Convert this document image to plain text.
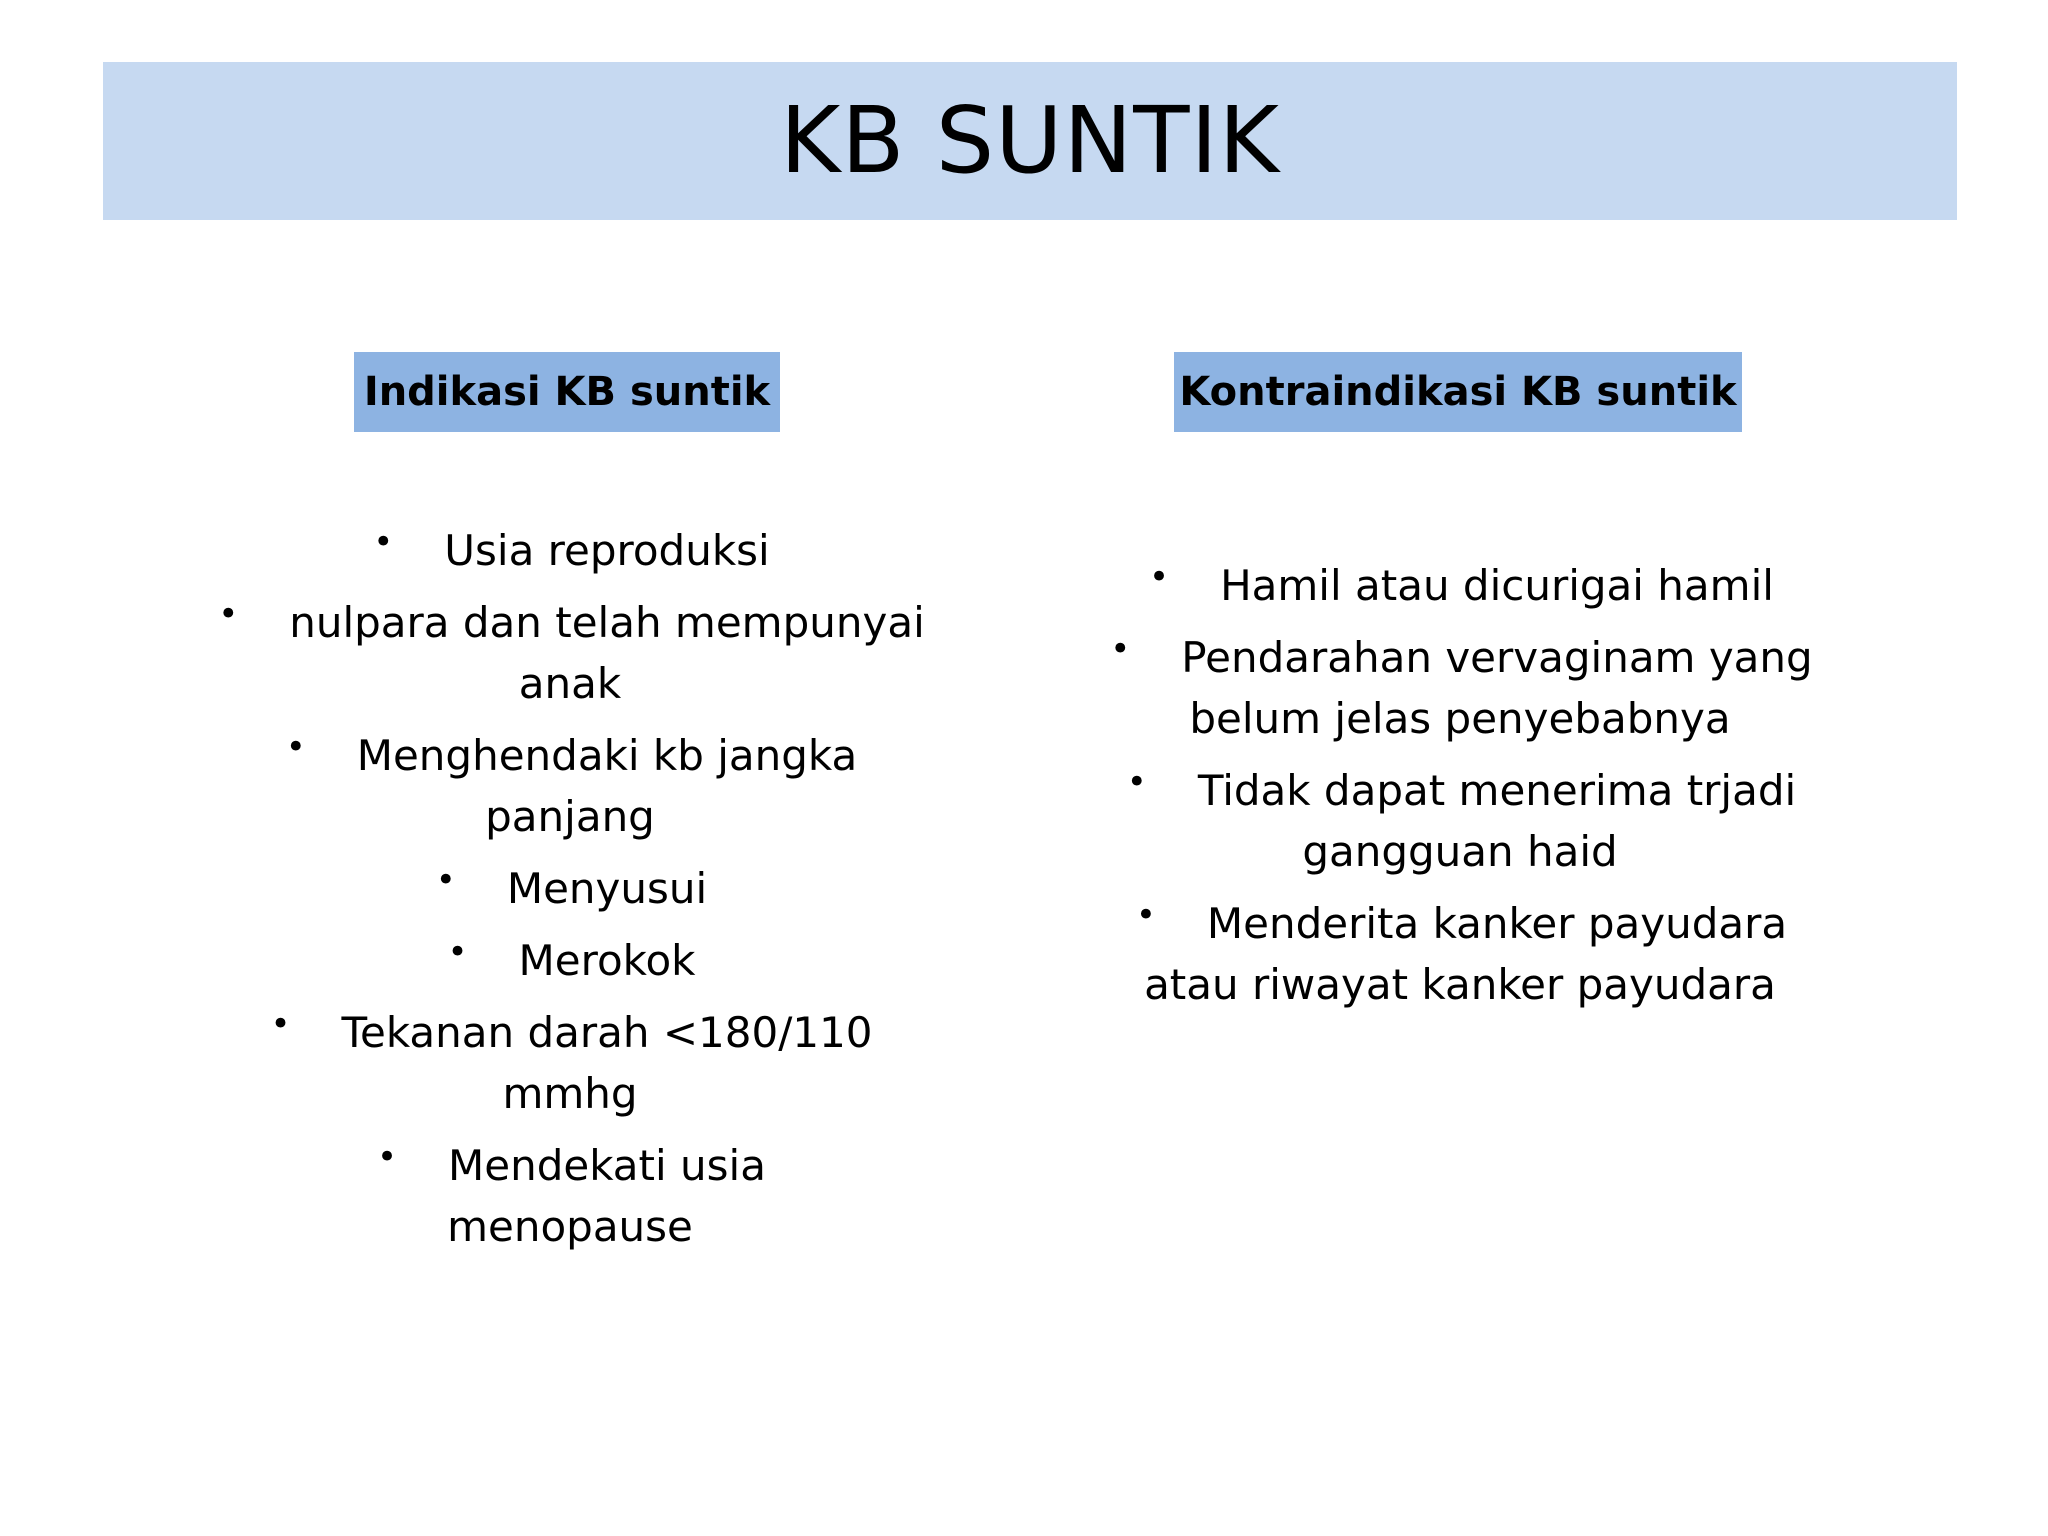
KB SUNTIK
Indikasi KB suntik	Kontraindikasi KB suntik
• Usia reproduksi
• nulpara dan telah mempunyai anak
• Menghendaki kb jangka panjang
• Menyusui
• Merokok
• Tekanan darah <180/110 mmhg
• Mendekati usia menopause
• Hamil atau dicurigai hamil
• Pendarahan vervaginam yang belum jelas penyebabnya
• Tidak dapat menerima trjadi gangguan haid
• Menderita kanker payudara atau riwayat kanker payudara
